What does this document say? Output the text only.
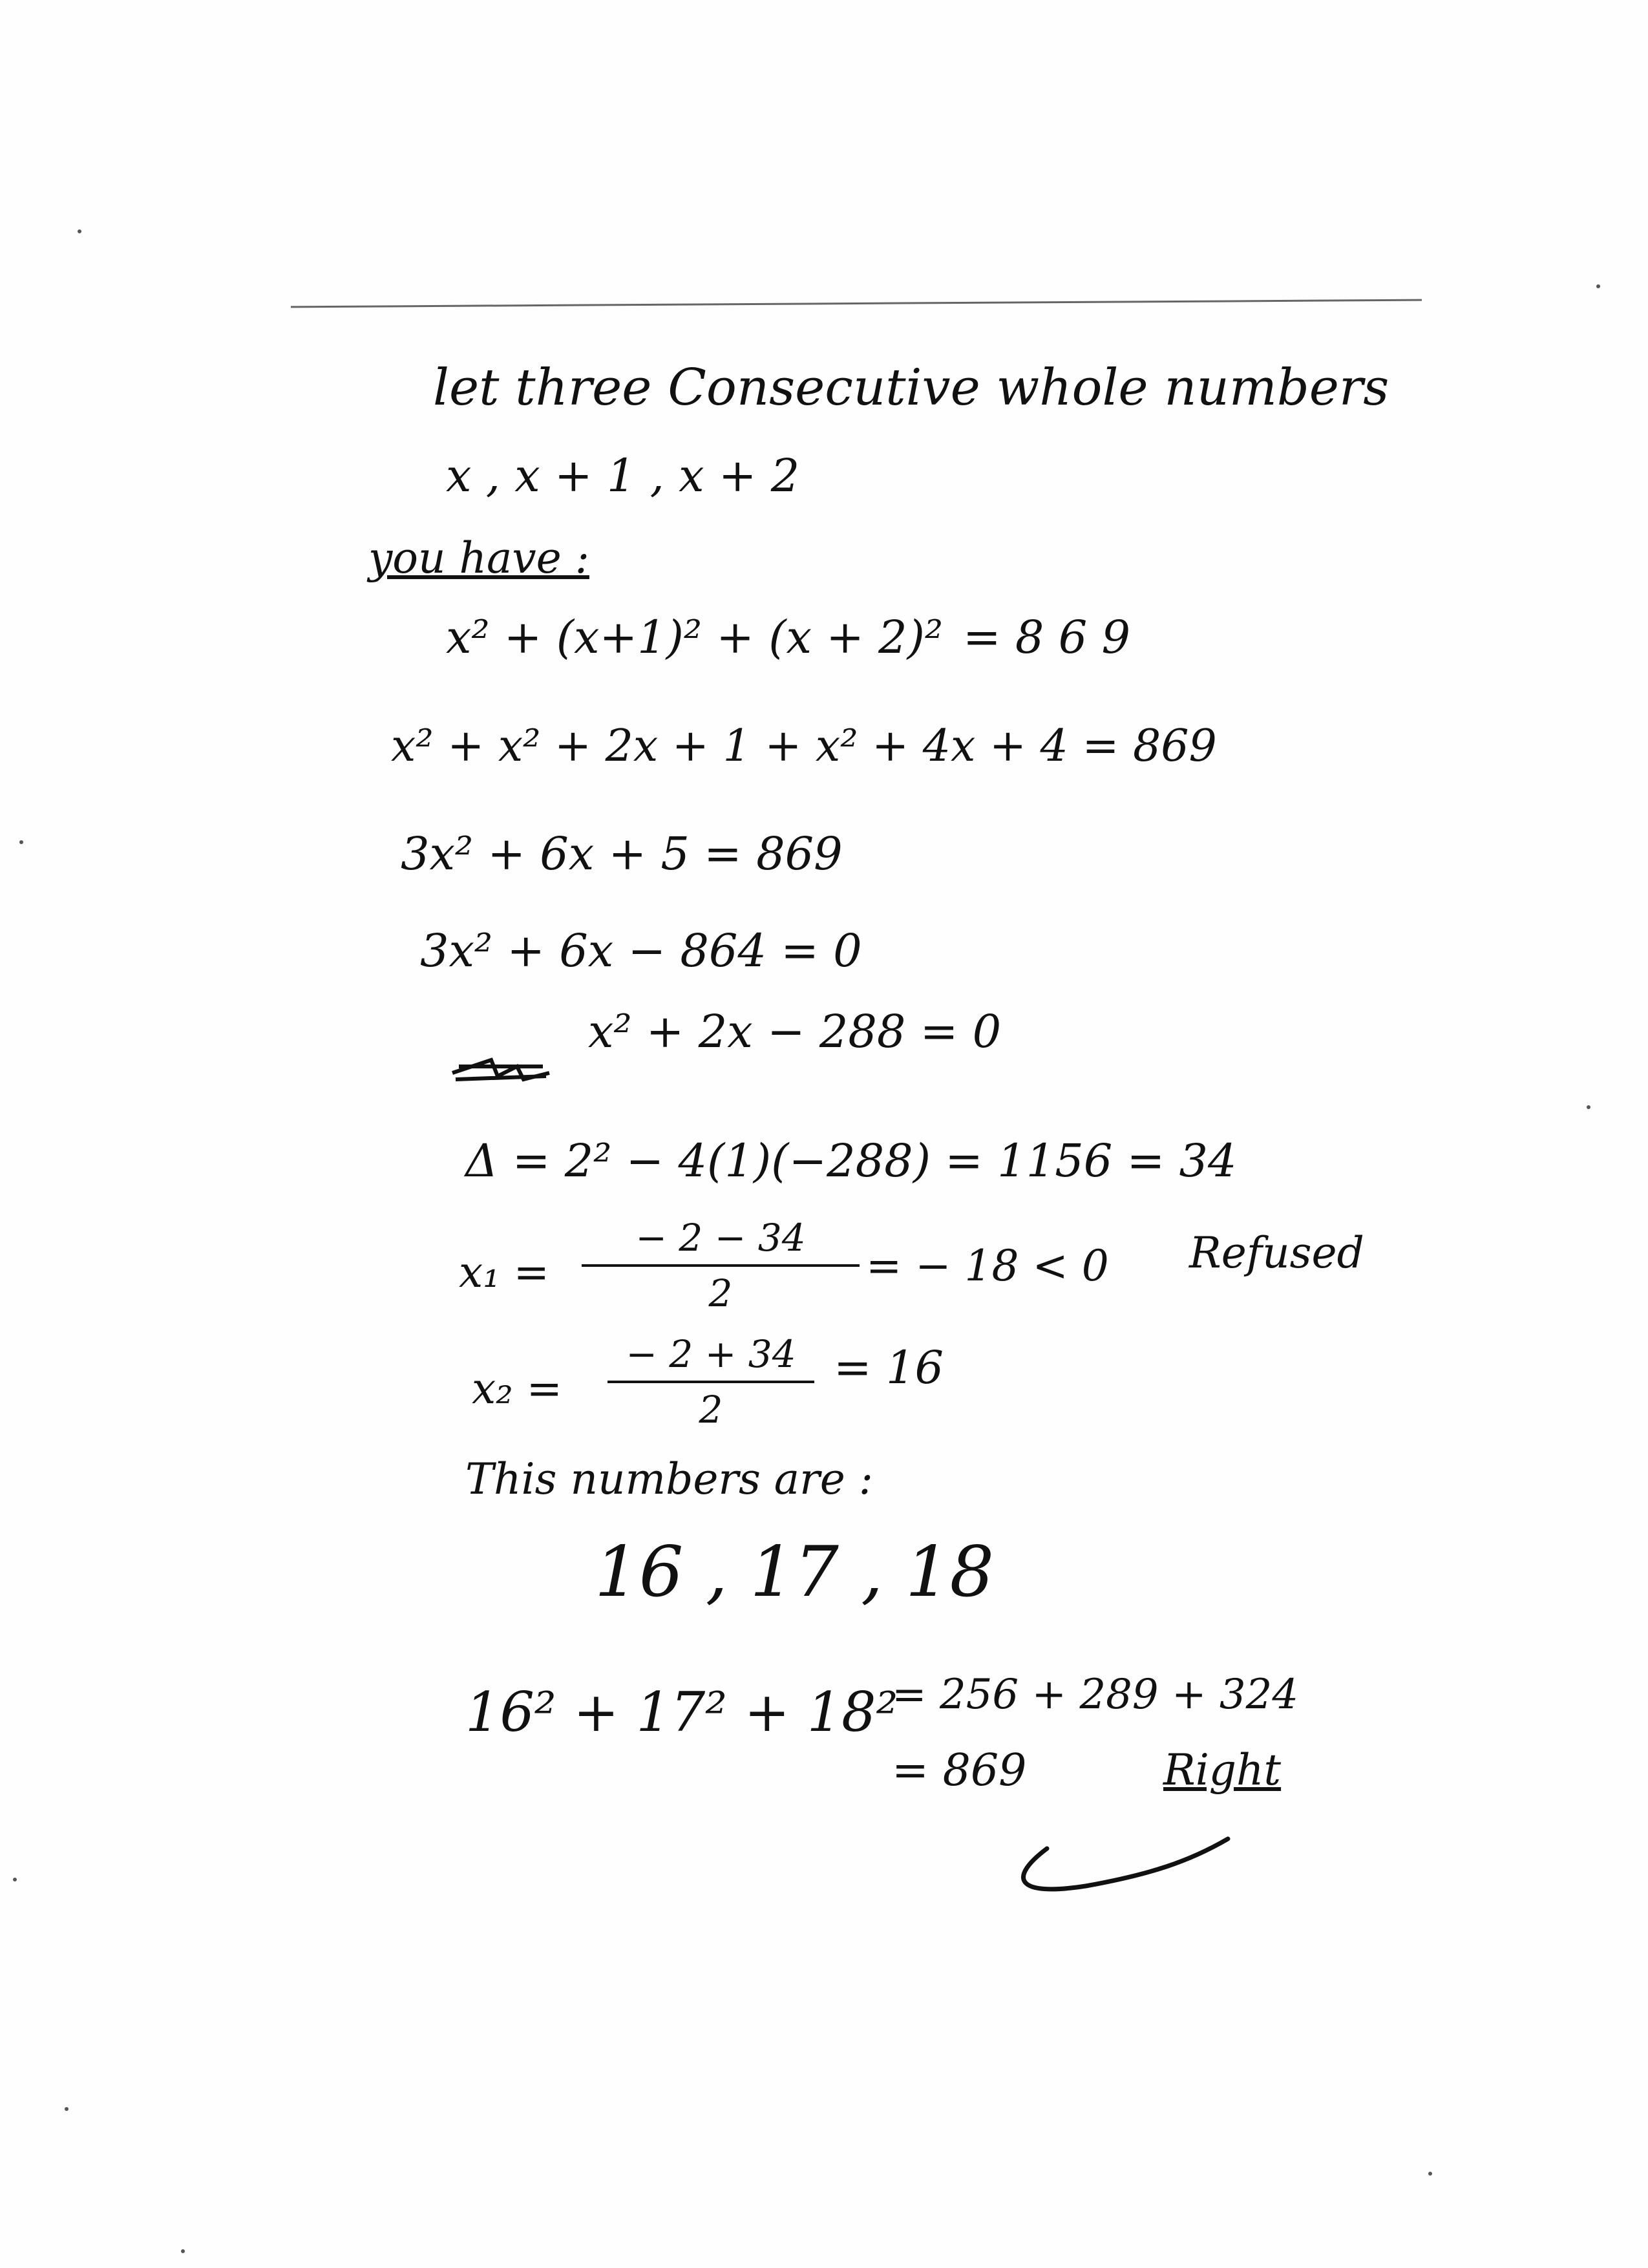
let three Consecutive whole numbers
x , x + 1 , x + 2
you have :
x² + (x+1)² + (x + 2)² = 8 6 9
x² + x² + 2x + 1 + x² + 4x + 4 = 869
3x² + 6x + 5 = 869
3x² + 6x − 864 = 0
x² + 2x − 288 = 0
Δ = 2² − 4(1)(−288) = 1156 = 34
x₁ =
− 2 − 34
2
= − 18 < 0 Refused
x₂ =
− 2 + 34
2
= 16
This numbers are :
16 , 17 , 18
16² + 17² + 18²
= 256 + 289 + 324
= 869	Right
